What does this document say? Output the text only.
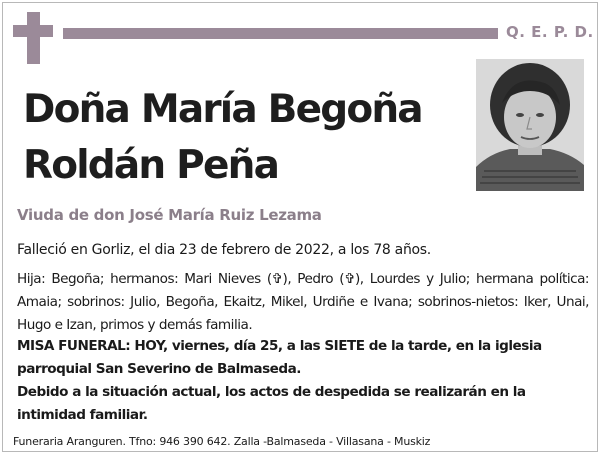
Q. E. P. D.
Doña María Begoña
Roldán Peña
Viuda de don José María Ruiz Lezama
Falleció en Gorliz, el dia 23 de febrero de 2022, a los 78 años.
Hija: Begoña; hermanos: Mari Nieves (✞), Pedro (✞), Lourdes y Julio; hermana política: Amaia; sobrinos: Julio, Begoña, Ekaitz, Mikel, Urdiñe e Ivana; sobrinos-nietos: Iker, Unai, Hugo e Izan, primos y demás familia.
MISA FUNERAL: HOY, viernes, día 25, a las SIETE de la tarde, en la iglesia parroquial San Severino de Balmaseda.
Debido a la situación actual, los actos de despedida se realizarán en la intimidad familiar.
Funeraria Aranguren. Tfno: 946 390 642. Zalla -Balmaseda - Villasana - Muskiz
